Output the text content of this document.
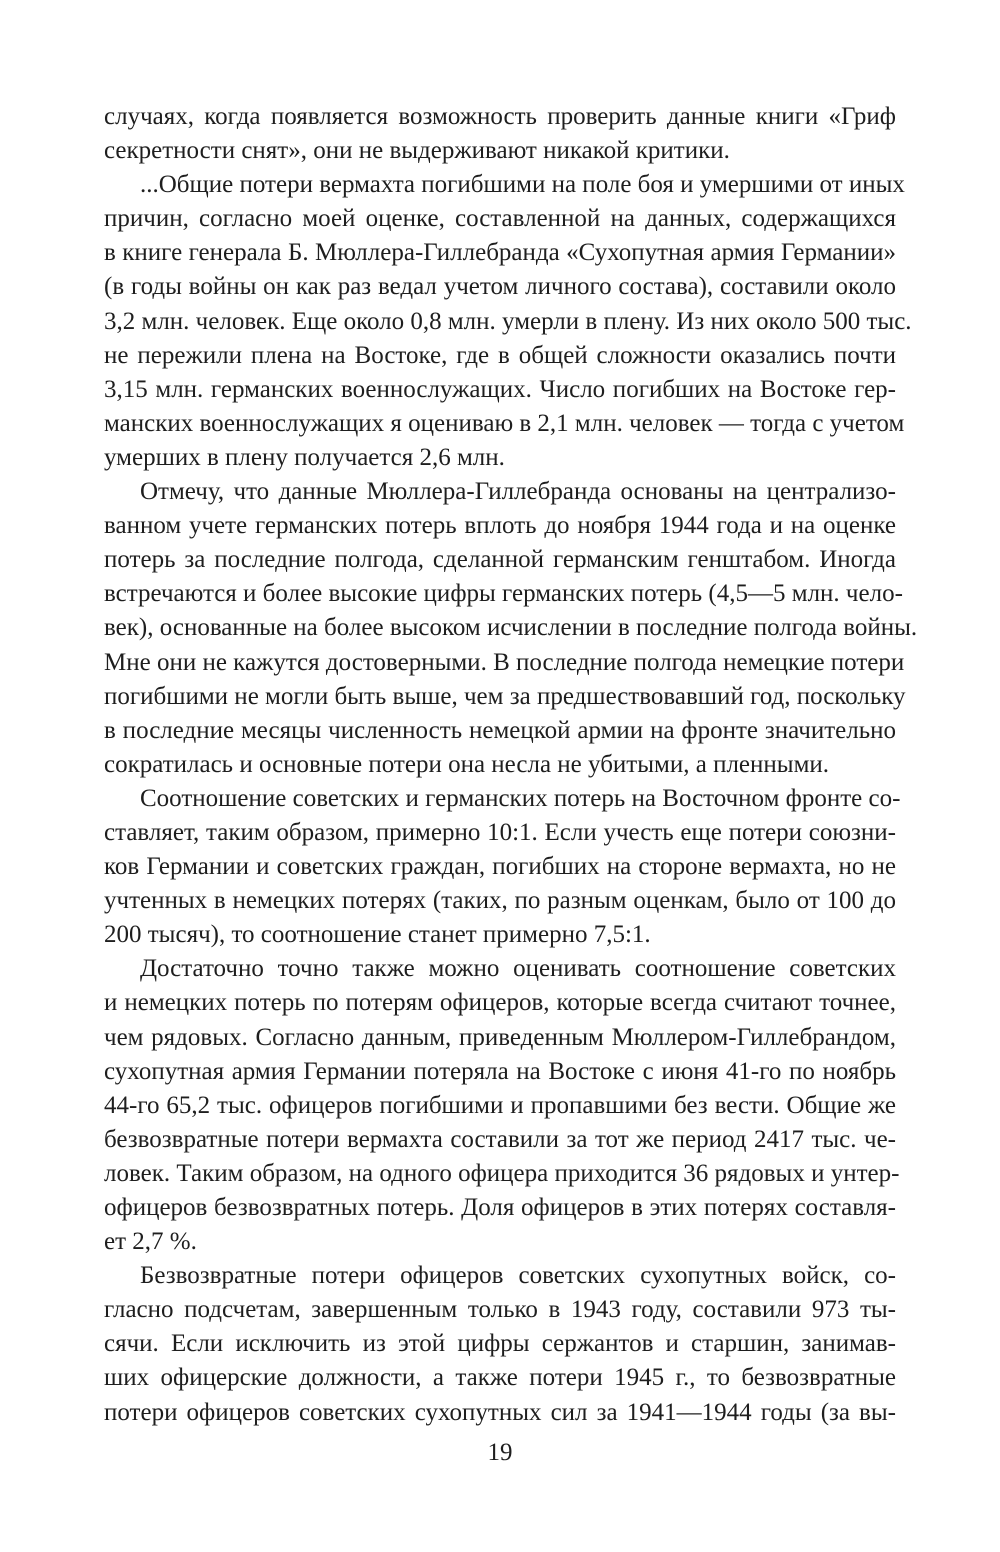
случаях, когда появляется возможность проверить данные книги «Гриф
секретности снят», они не выдерживают никакой критики.
...Общие потери вермахта погибшими на поле боя и умершими от иных
причин, согласно моей оценке, составленной на данных, содержащихся
в книге генерала Б. Мюллера-Гиллебранда «Сухопутная армия Германии»
(в годы войны он как раз ведал учетом личного состава), составили около
3,2 млн. человек. Еще около 0,8 млн. умерли в плену. Из них около 500 тыс.
не пережили плена на Востоке, где в общей сложности оказались почти
3,15 млн. германских военнослужащих. Число погибших на Востоке гер-
манских военнослужащих я оцениваю в 2,1 млн. человек — тогда с учетом
умерших в плену получается 2,6 млн.
Отмечу, что данные Мюллера-Гиллебранда основаны на централизо-
ванном учете германских потерь вплоть до ноября 1944 года и на оценке
потерь за последние полгода, сделанной германским генштабом. Иногда
встречаются и более высокие цифры германских потерь (4,5—5 млн. чело-
век), основанные на более высоком исчислении в последние полгода войны.
Мне они не кажутся достоверными. В последние полгода немецкие потери
погибшими не могли быть выше, чем за предшествовавший год, поскольку
в последние месяцы численность немецкой армии на фронте значительно
сократилась и основные потери она несла не убитыми, а пленными.
Соотношение советских и германских потерь на Восточном фронте со-
ставляет, таким образом, примерно 10:1. Если учесть еще потери союзни-
ков Германии и советских граждан, погибших на стороне вермахта, но не
учтенных в немецких потерях (таких, по разным оценкам, было от 100 до
200 тысяч), то соотношение станет примерно 7,5:1.
Достаточно точно также можно оценивать соотношение советских
и немецких потерь по потерям офицеров, которые всегда считают точнее,
чем рядовых. Согласно данным, приведенным Мюллером-Гиллебрандом,
сухопутная армия Германии потеряла на Востоке с июня 41-го по ноябрь
44-го 65,2 тыс. офицеров погибшими и пропавшими без вести. Общие же
безвозвратные потери вермахта составили за тот же период 2417 тыс. че-
ловек. Таким образом, на одного офицера приходится 36 рядовых и унтер-
офицеров безвозвратных потерь. Доля офицеров в этих потерях составля-
ет 2,7 %.
Безвозвратные потери офицеров советских сухопутных войск, со-
гласно подсчетам, завершенным только в 1943 году, составили 973 ты-
сячи. Если исключить из этой цифры сержантов и старшин, занимав-
ших офицерские должности, а также потери 1945 г., то безвозвратные
потери офицеров советских сухопутных сил за 1941—1944 годы (за вы-
19
